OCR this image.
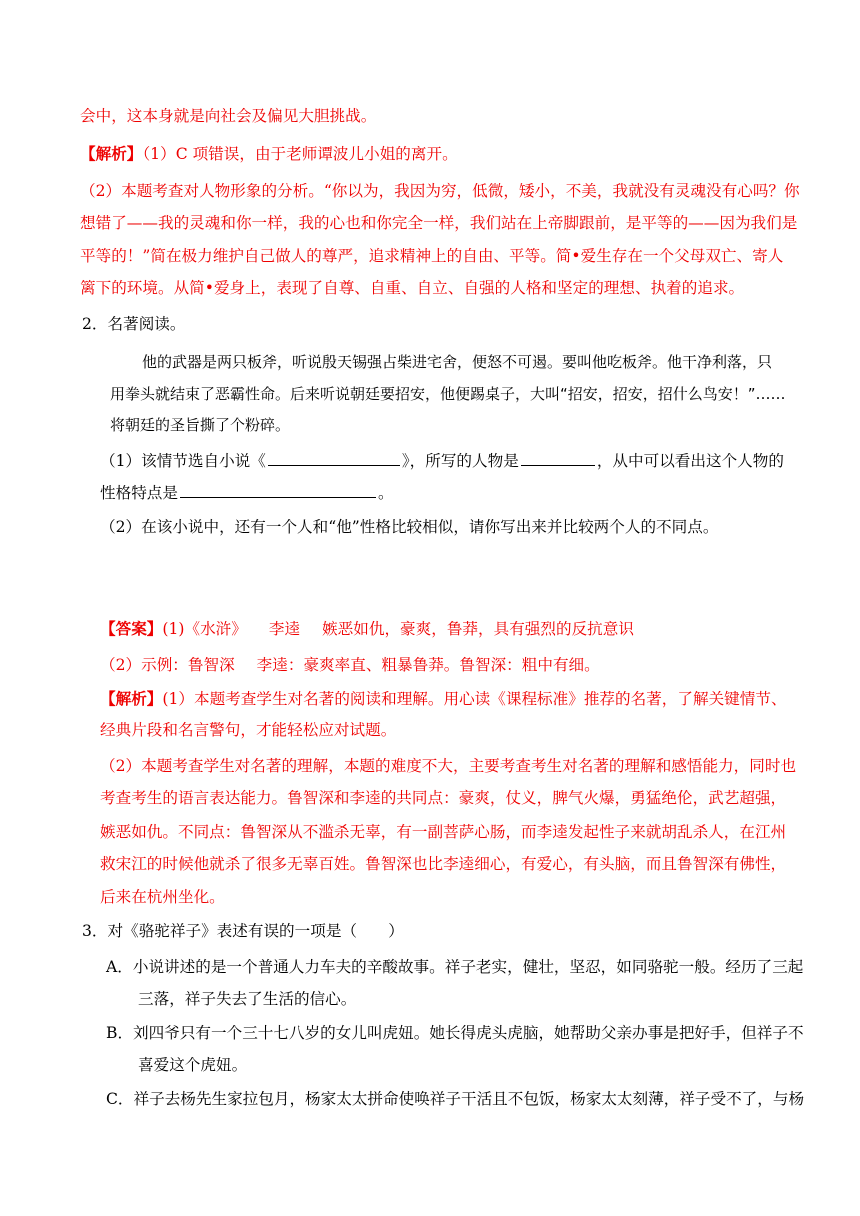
会中，这本身就是向社会及偏见大胆挑战。
【解析】（1）C 项错误，由于老师谭波儿小姐的离开。
（2）本题考查对人物形象的分析。“你以为，我因为穷，低微，矮小，不美，我就没有灵魂没有心吗？你
想错了——我的灵魂和你一样，我的心也和你完全一样，我们站在上帝脚跟前，是平等的——因为我们是
平等的！”简在极力维护自己做人的尊严，追求精神上的自由、平等。简•爱生存在一个父母双亡、寄人
篱下的环境。从简•爱身上，表现了自尊、自重、自立、自强的人格和坚定的理想、执着的追求。
2．名著阅读。
他的武器是两只板斧，听说殷天锡强占柴进宅舍，便怒不可遏。要叫他吃板斧。他干净利落，只
用拳头就结束了恶霸性命。后来听说朝廷要招安，他便踢桌子，大叫“招安，招安，招什么鸟安！”……
将朝廷的圣旨撕了个粉碎。
（1）该情节选自小说《	》，所写的人物是	，从中可以看出这个人物的
性格特点是	。
（2）在该小说中，还有一个人和“他”性格比较相似，请你写出来并比较两个人的不同点。
【答案】(1)《水浒》 李逵 嫉恶如仇，豪爽，鲁莽，具有强烈的反抗意识
（2）示例：鲁智深 李逵：豪爽率直、粗暴鲁莽。鲁智深：粗中有细。
【解析】(1）本题考查学生对名著的阅读和理解。用心读《课程标准》推荐的名著，了解关键情节、
经典片段和名言警句，才能轻松应对试题。
（2）本题考查学生对名著的理解，本题的难度不大，主要考查考生对名著的理解和感悟能力，同时也
考查考生的语言表达能力。鲁智深和李逵的共同点：豪爽，仗义，脾气火爆，勇猛绝伦，武艺超强，
嫉恶如仇。不同点：鲁智深从不滥杀无辜，有一副菩萨心肠，而李逵发起性子来就胡乱杀人，在江州
救宋江的时候他就杀了很多无辜百姓。鲁智深也比李逵细心，有爱心，有头脑，而且鲁智深有佛性，
后来在杭州坐化。
3．对《骆驼祥子》表述有误的一项是（　　）
A．小说讲述的是一个普通人力车夫的辛酸故事。祥子老实，健壮，坚忍，如同骆驼一般。经历了三起
三落，祥子失去了生活的信心。
B．刘四爷只有一个三十七八岁的女儿叫虎妞。她长得虎头虎脑，她帮助父亲办事是把好手，但祥子不
喜爱这个虎妞。
C．祥子去杨先生家拉包月，杨家太太拼命使唤祥子干活且不包饭，杨家太太刻薄，祥子受不了，与杨
